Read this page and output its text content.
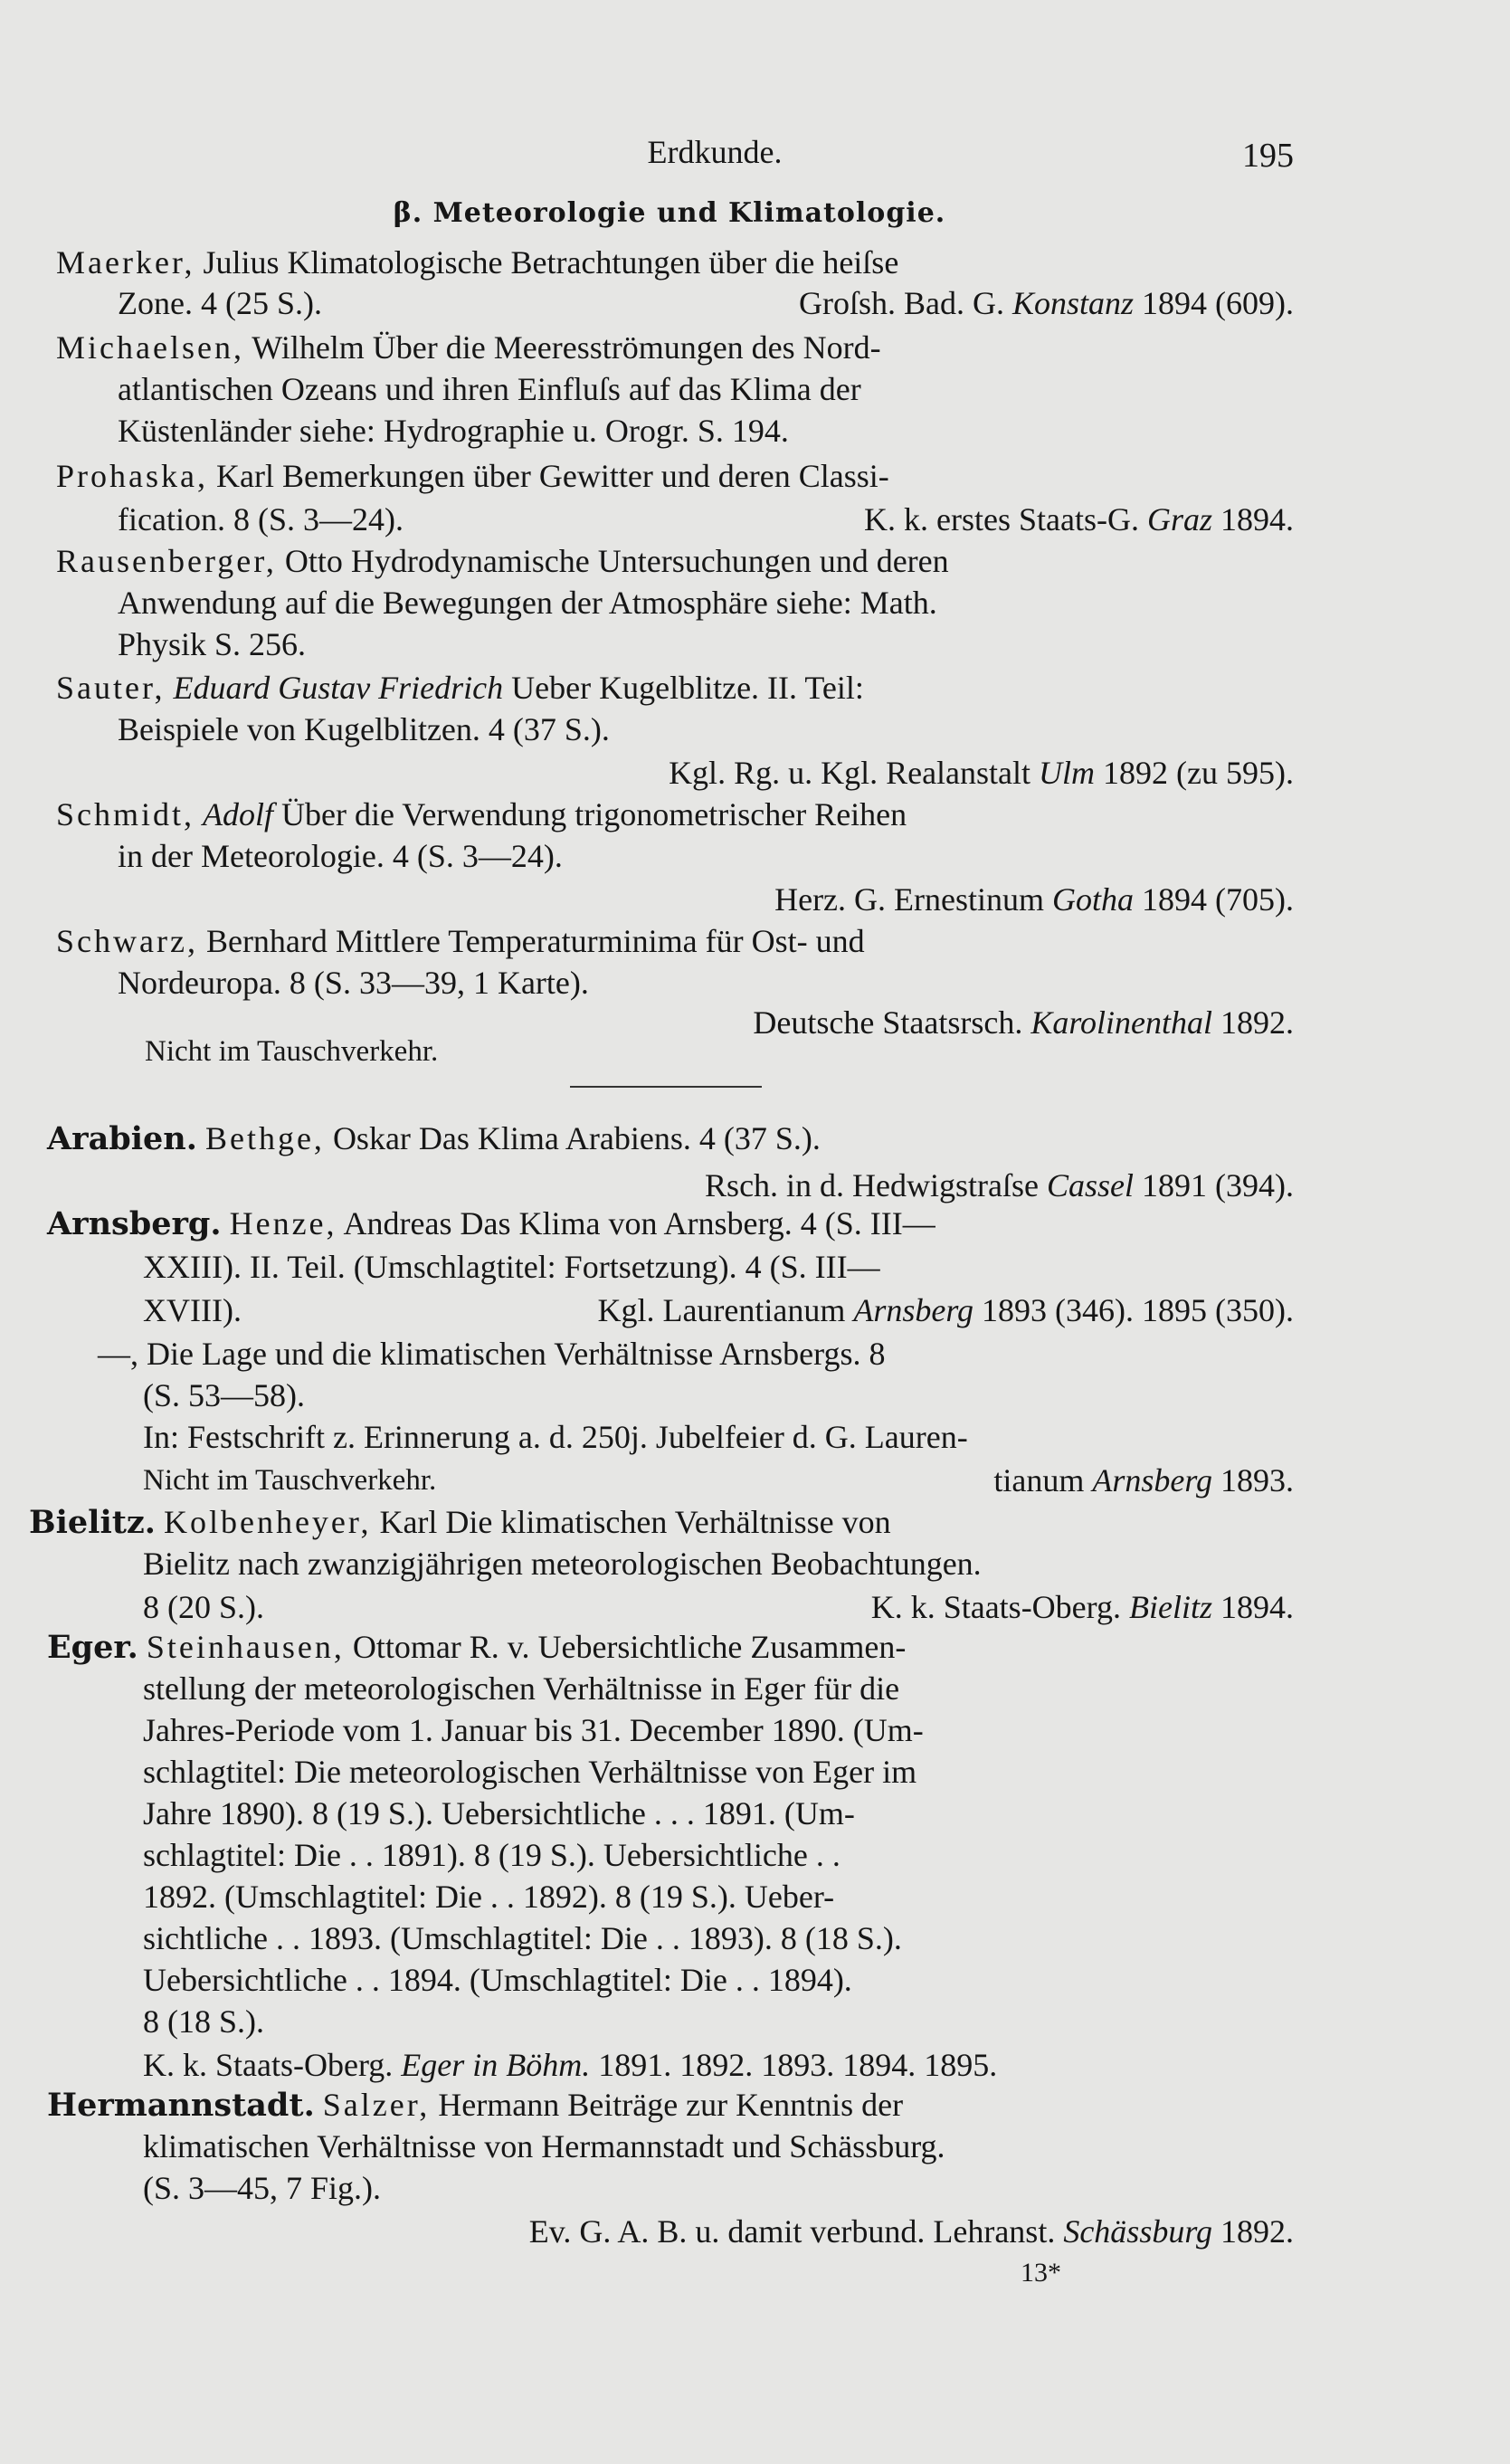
Erdkunde.	195
β. Meteorologie und Klimatologie.
Maerker, Julius Klimatologische Betrachtungen über die heiſse
Zone. 4 (25 S.).	Groſsh. Bad. G. Konstanz 1894 (609).
Michaelsen, Wilhelm Über die Meeresströmungen des Nord-
atlantischen Ozeans und ihren Einfluſs auf das Klima der
Küstenländer siehe: Hydrographie u. Orogr. S. 194.
Prohaska, Karl Bemerkungen über Gewitter und deren Classi-
fication. 8 (S. 3—24).	K. k. erstes Staats-G. Graz 1894.
Rausenberger, Otto Hydrodynamische Untersuchungen und deren
Anwendung auf die Bewegungen der Atmosphäre siehe: Math.
Physik S. 256.
Sauter, Eduard Gustav Friedrich Ueber Kugelblitze. II. Teil:
Beispiele von Kugelblitzen. 4 (37 S.).
Kgl. Rg. u. Kgl. Realanstalt Ulm 1892 (zu 595).
Schmidt, Adolf Über die Verwendung trigonometrischer Reihen
in der Meteorologie. 4 (S. 3—24).
Herz. G. Ernestinum Gotha 1894 (705).
Schwarz, Bernhard Mittlere Temperaturminima für Ost- und
Nordeuropa. 8 (S. 33—39, 1 Karte).
Deutsche Staatsrsch. Karolinenthal 1892.
Nicht im Tauschverkehr.
Arabien. Bethge, Oskar Das Klima Arabiens. 4 (37 S.).
Rsch. in d. Hedwigstraſse Cassel 1891 (394).
Arnsberg. Henze, Andreas Das Klima von Arnsberg. 4 (S. III—
XXIII). II. Teil. (Umschlagtitel: Fortsetzung). 4 (S. III—
XVIII).	Kgl. Laurentianum Arnsberg 1893 (346). 1895 (350).
—, Die Lage und die klimatischen Verhältnisse Arnsbergs. 8
(S. 53—58).
In: Festschrift z. Erinnerung a. d. 250j. Jubelfeier d. G. Lauren-
Nicht im Tauschverkehr.	tianum Arnsberg 1893.
Bielitz. Kolbenheyer, Karl Die klimatischen Verhältnisse von
Bielitz nach zwanzigjährigen meteorologischen Beobachtungen.
8 (20 S.).	K. k. Staats-Oberg. Bielitz 1894.
Eger. Steinhausen, Ottomar R. v. Uebersichtliche Zusammen-
stellung der meteorologischen Verhältnisse in Eger für die
Jahres-Periode vom 1. Januar bis 31. December 1890. (Um-
schlagtitel: Die meteorologischen Verhältnisse von Eger im
Jahre 1890). 8 (19 S.). Uebersichtliche . . . 1891. (Um-
schlagtitel: Die . . 1891). 8 (19 S.). Uebersichtliche . .
1892. (Umschlagtitel: Die . . 1892). 8 (19 S.). Ueber-
sichtliche . . 1893. (Umschlagtitel: Die . . 1893). 8 (18 S.).
Uebersichtliche . . 1894. (Umschlagtitel: Die . . 1894).
8 (18 S.).
K. k. Staats-Oberg. Eger in Böhm. 1891. 1892. 1893. 1894. 1895.
Hermannstadt. Salzer, Hermann Beiträge zur Kenntnis der
klimatischen Verhältnisse von Hermannstadt und Schässburg.
(S. 3—45, 7 Fig.).
Ev. G. A. B. u. damit verbund. Lehranst. Schässburg 1892.
13*
